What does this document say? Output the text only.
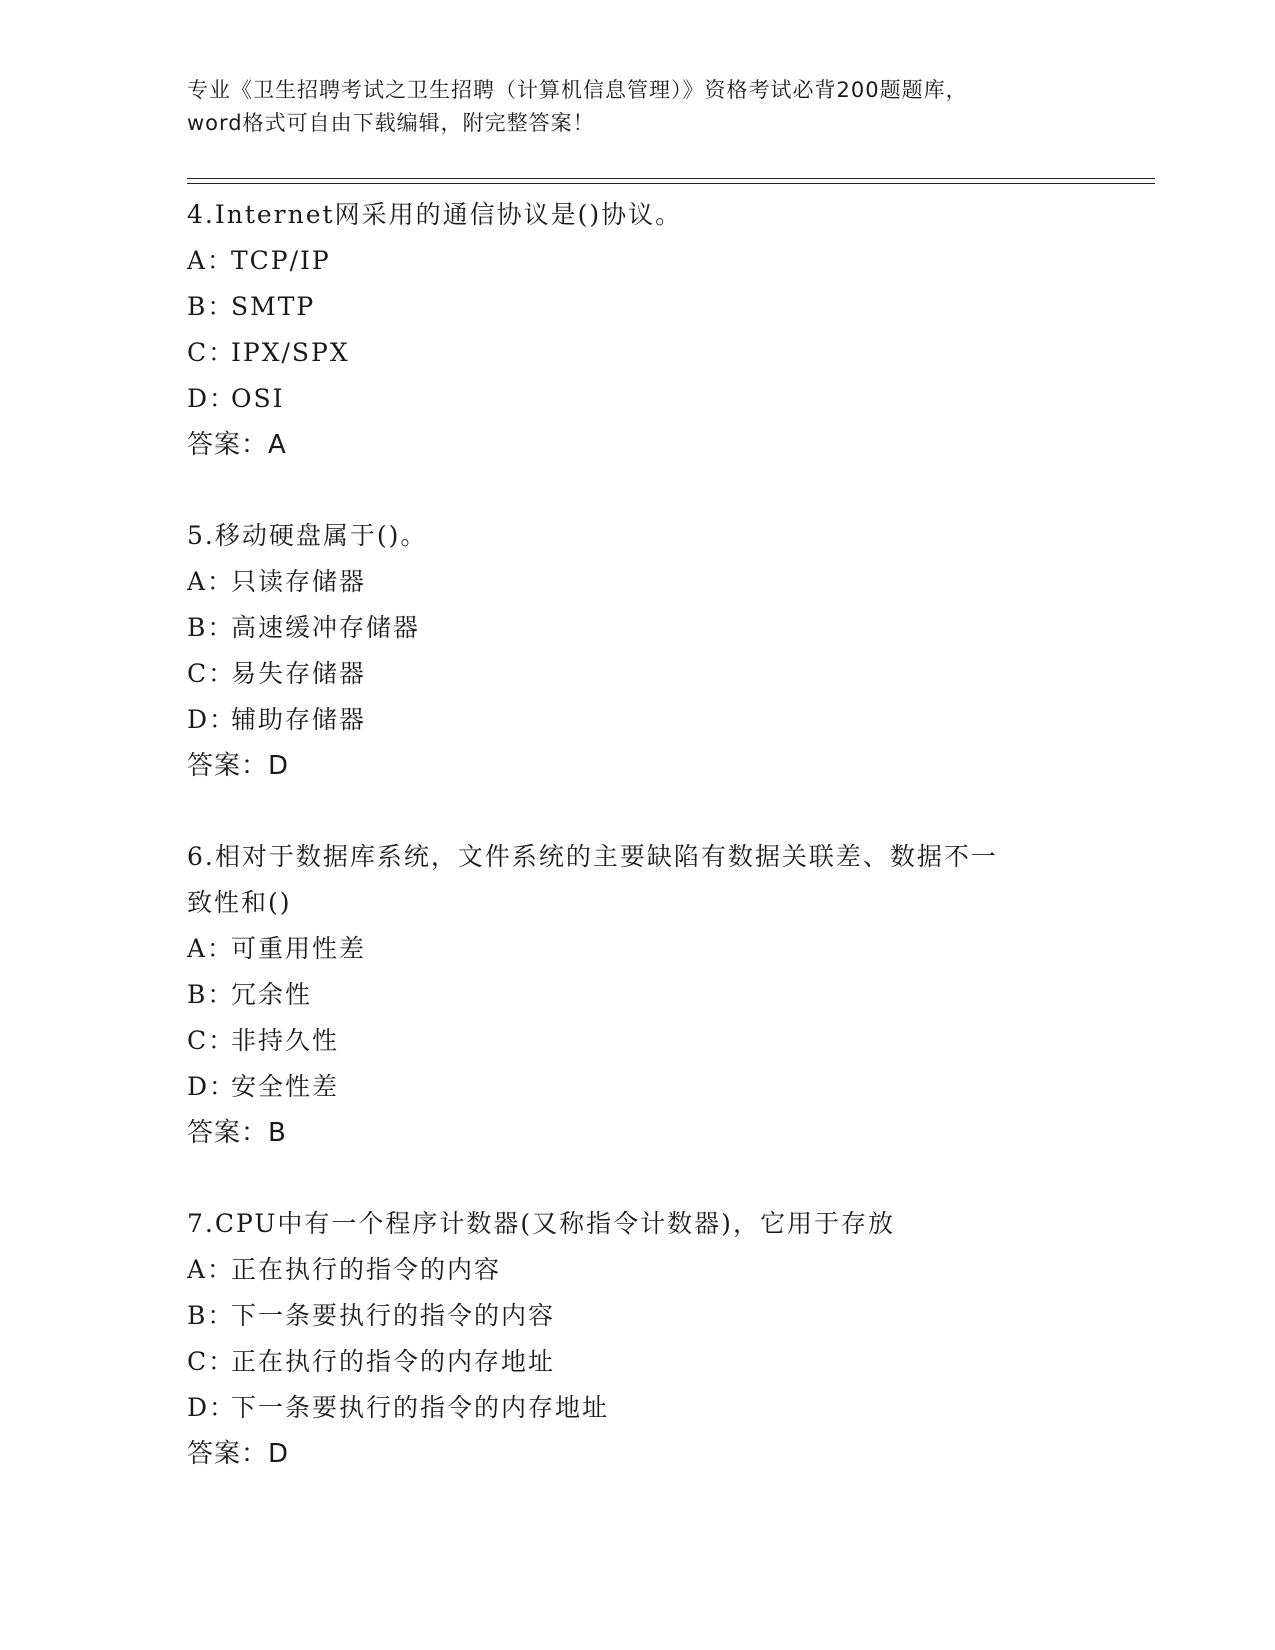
专业《卫生招聘考试之卫生招聘（计算机信息管理）》资格考试必背200题题库，
word格式可自由下载编辑，附完整答案！
4.Internet网采用的通信协议是()协议。
A：TCP/IP
B：SMTP
C：IPX/SPX
D：OSI
答案：A
5.移动硬盘属于()。
A：只读存储器
B：高速缓冲存储器
C：易失存储器
D：辅助存储器
答案：D
6.相对于数据库系统，文件系统的主要缺陷有数据关联差、数据不一
致性和()
A：可重用性差
B：冗余性
C：非持久性
D：安全性差
答案：B
7.CPU中有一个程序计数器(又称指令计数器)，它用于存放
A：正在执行的指令的内容
B：下一条要执行的指令的内容
C：正在执行的指令的内存地址
D：下一条要执行的指令的内存地址
答案：D
